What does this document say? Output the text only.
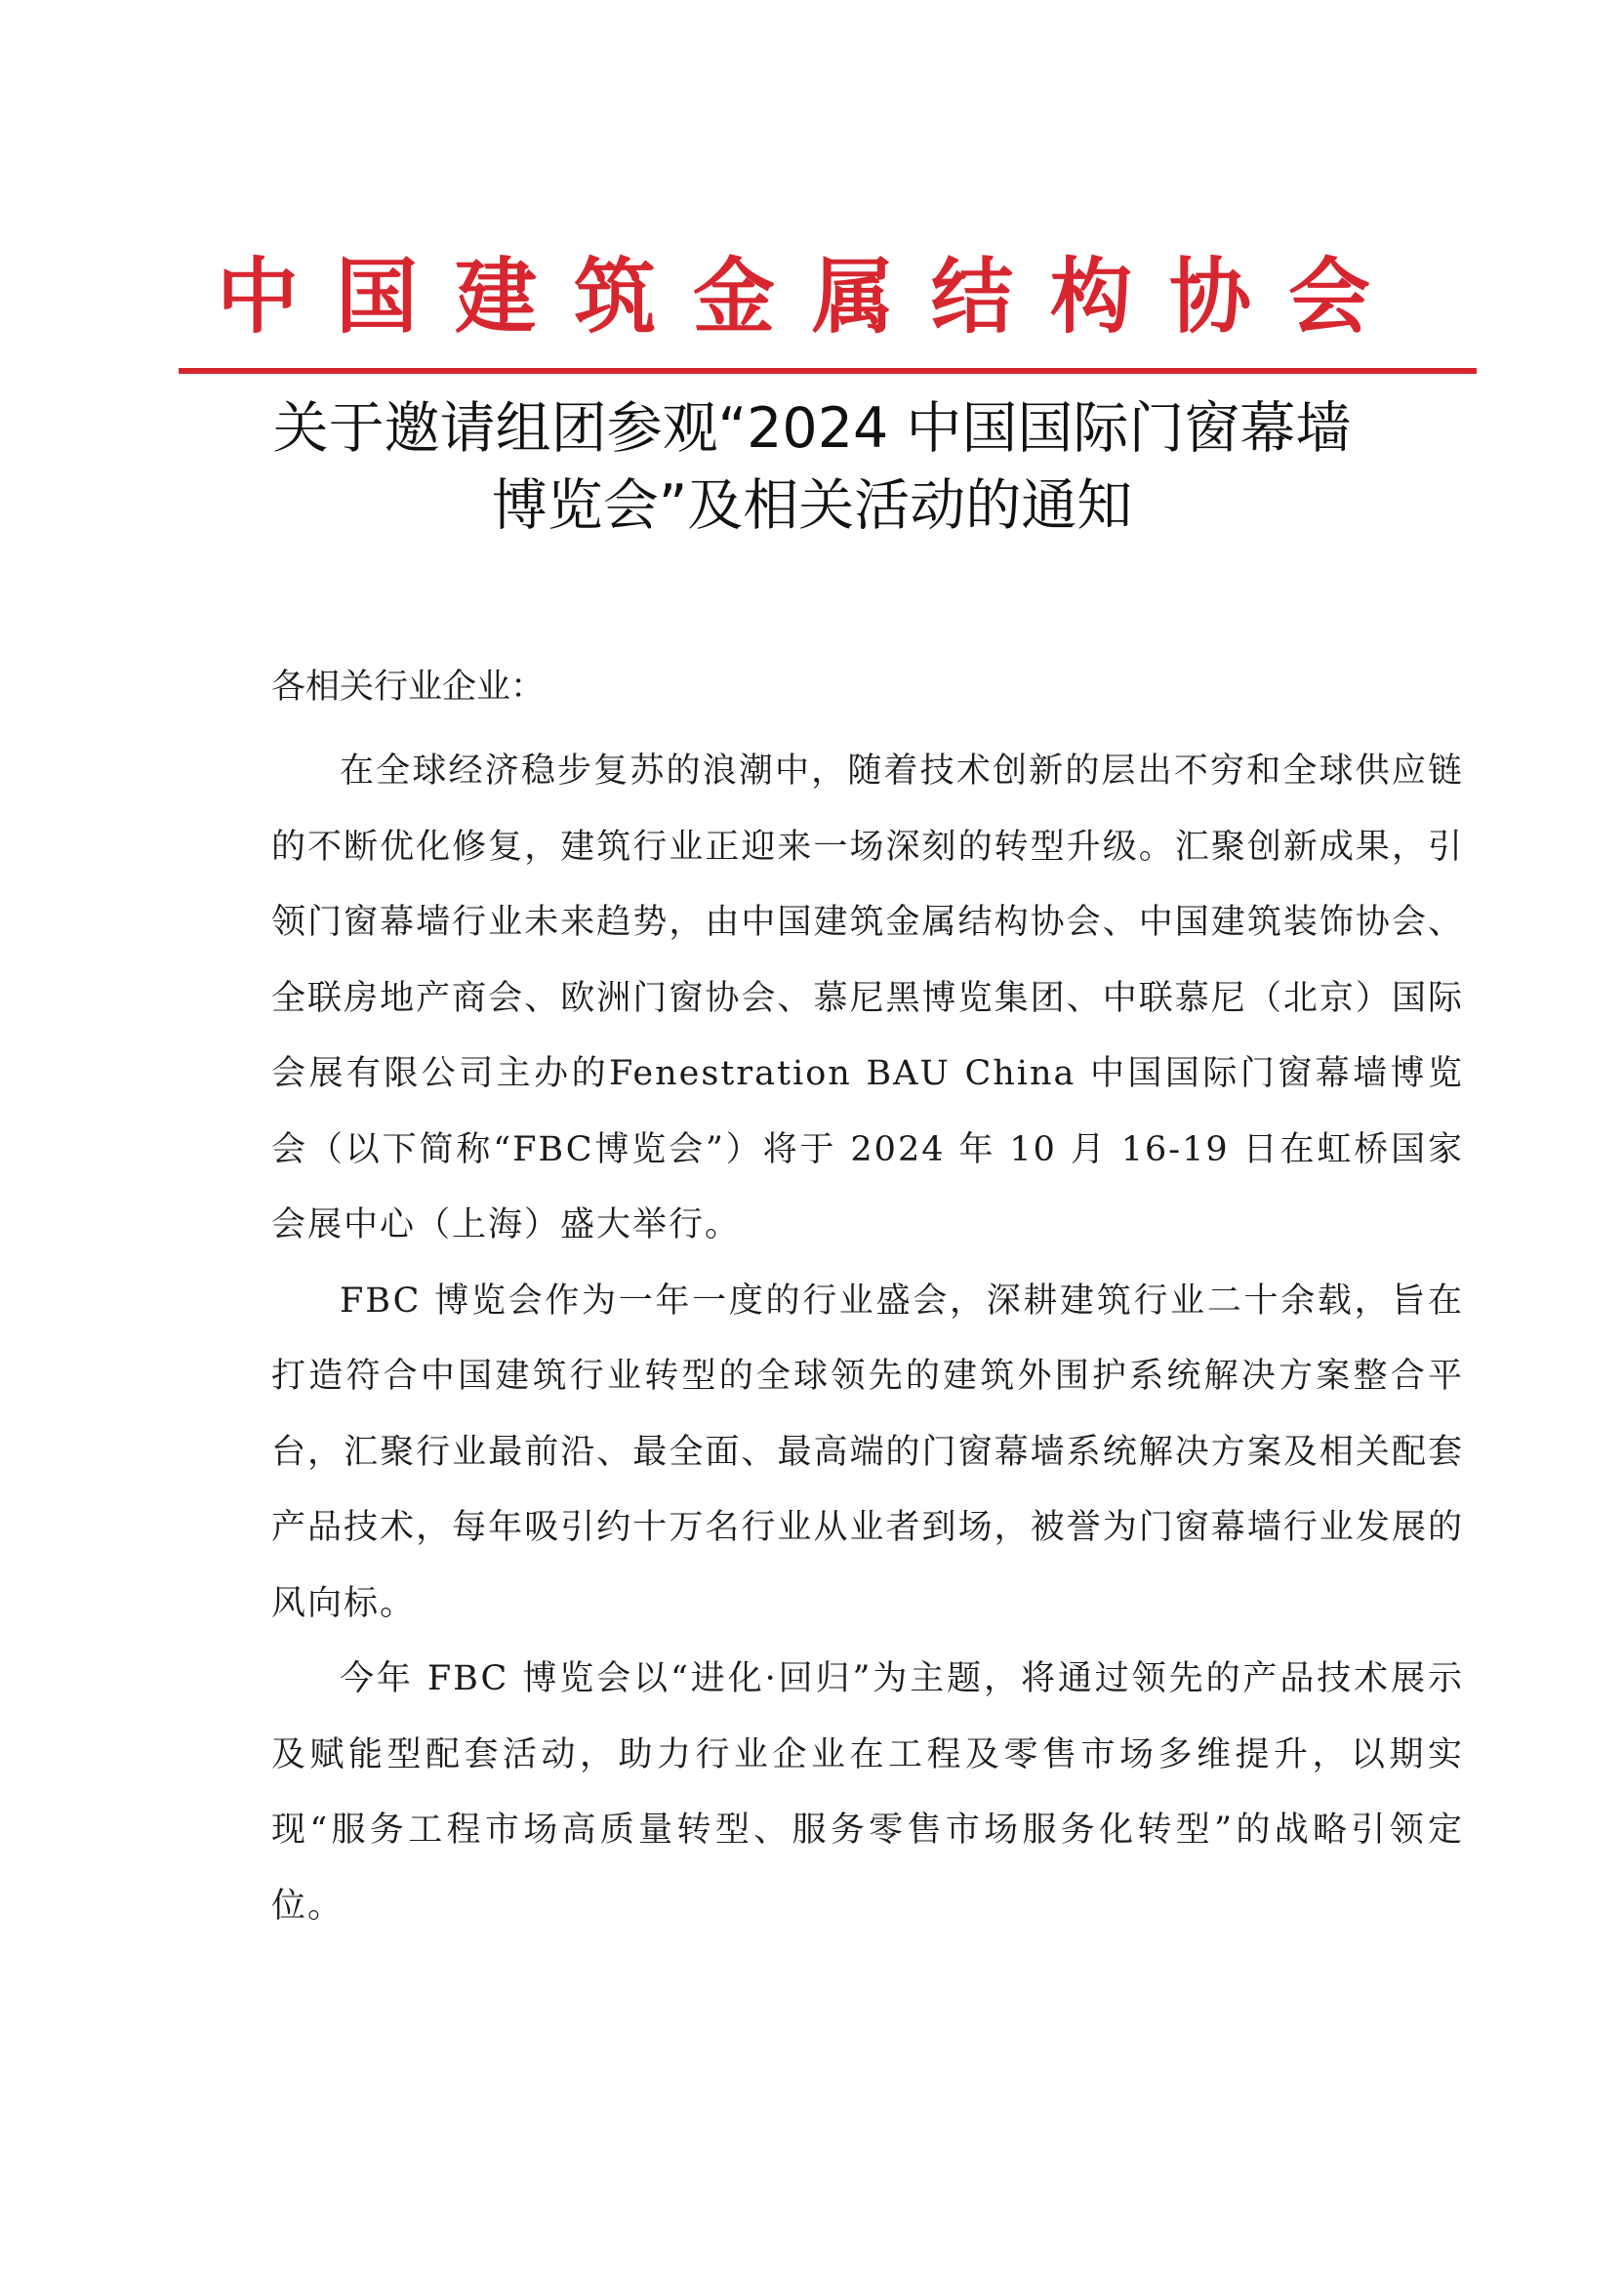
中国建筑金属结构协会
关于邀请组团参观“2024 中国国际门窗幕墙
博览会”及相关活动的通知
各相关行业企业：

在全球经济稳步复苏的浪潮中，随着技术创新的层出不穷和全球供应链的不断优化修复，建筑行业正迎来一场深刻的转型升级。汇聚创新成果，引领门窗幕墙行业未来趋势，由中国建筑金属结构协会、中国建筑装饰协会、全联房地产商会、欧洲门窗协会、慕尼黑博览集团、中联慕尼（北京）国际会展有限公司主办的Fenestration BAU China 中国国际门窗幕墙博览会（以下简称“FBC博览会”）将于 2024 年 10 月 16-19 日在虹桥国家会展中心（上海）盛大举行。

FBC 博览会作为一年一度的行业盛会，深耕建筑行业二十余载，旨在打造符合中国建筑行业转型的全球领先的建筑外围护系统解决方案整合平台，汇聚行业最前沿、最全面、最高端的门窗幕墙系统解决方案及相关配套产品技术，每年吸引约十万名行业从业者到场，被誉为门窗幕墙行业发展的风向标。

今年 FBC 博览会以“进化·回归”为主题，将通过领先的产品技术展示及赋能型配套活动，助力行业企业在工程及零售市场多维提升，以期实现“服务工程市场高质量转型、服务零售市场服务化转型”的战略引领定位。
